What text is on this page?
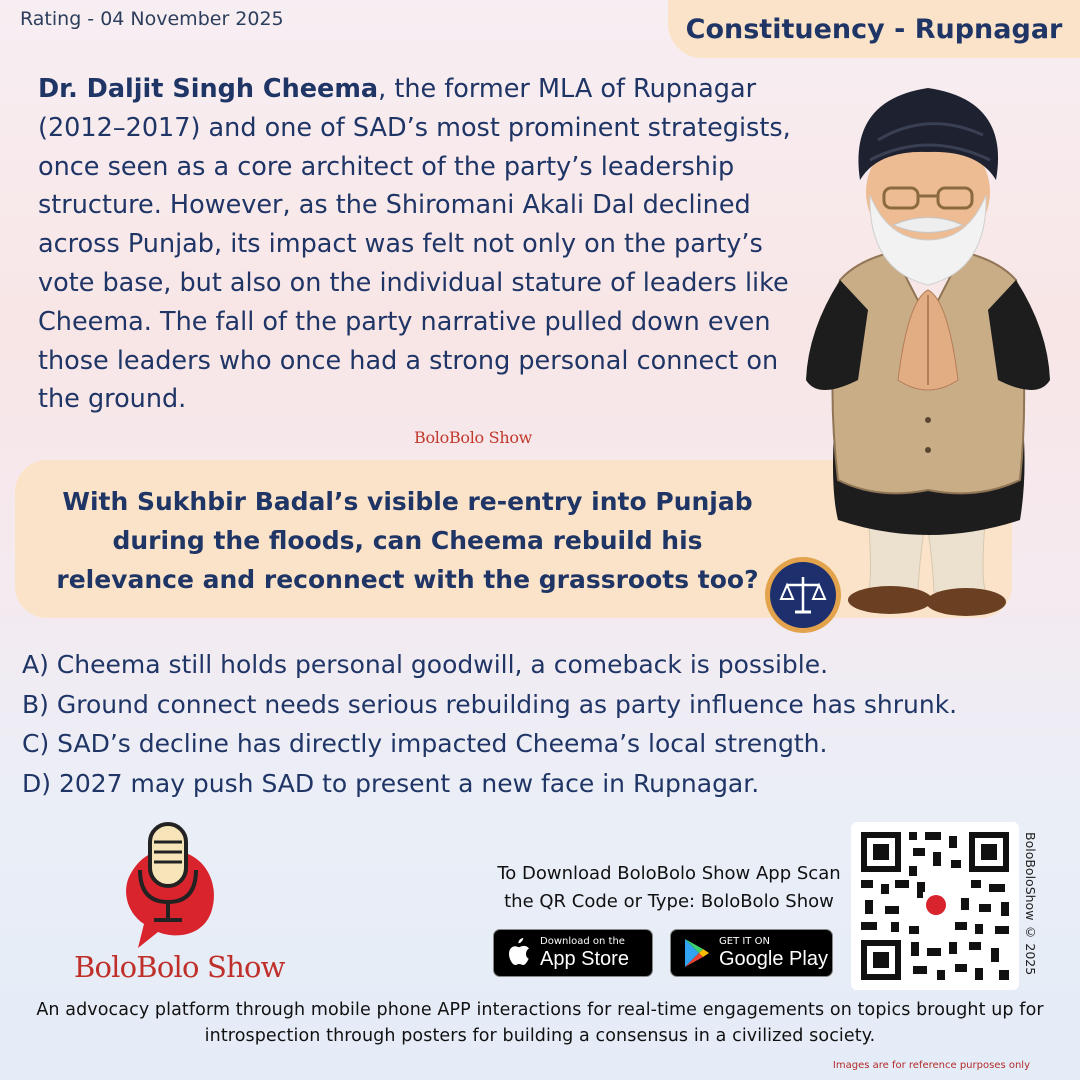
Rating - 04 November 2025	Constituency - Rupnagar
Dr. Daljit Singh Cheema, the former MLA of Rupnagar (2012–2017) and one of SAD’s most prominent strategists, once seen as a core architect of the party’s leadership structure. However, as the Shiromani Akali Dal declined across Punjab, its impact was felt not only on the party’s vote base, but also on the individual stature of leaders like Cheema. The fall of the party narrative pulled down even those leaders who once had a strong personal connect on the ground.
BoloBolo Show
With Sukhbir Badal’s visible re-entry into Punjab during the floods, can Cheema rebuild his relevance and reconnect with the grassroots too?
A) Cheema still holds personal goodwill, a comeback is possible.
B) Ground connect needs serious rebuilding as party influence has shrunk.
C) SAD’s decline has directly impacted Cheema’s local strength.
D) 2027 may push SAD to present a new face in Rupnagar.
BoloBolo Show
To Download BoloBolo Show App Scan the QR Code or Type: BoloBolo Show
Download on the
App Store
GET IT ON
Google Play	BoloBoloShow © 2025
An advocacy platform through mobile phone APP interactions for real-time engagements on topics brought up for introspection through posters for building a consensus in a civilized society.
Images are for reference purposes only
